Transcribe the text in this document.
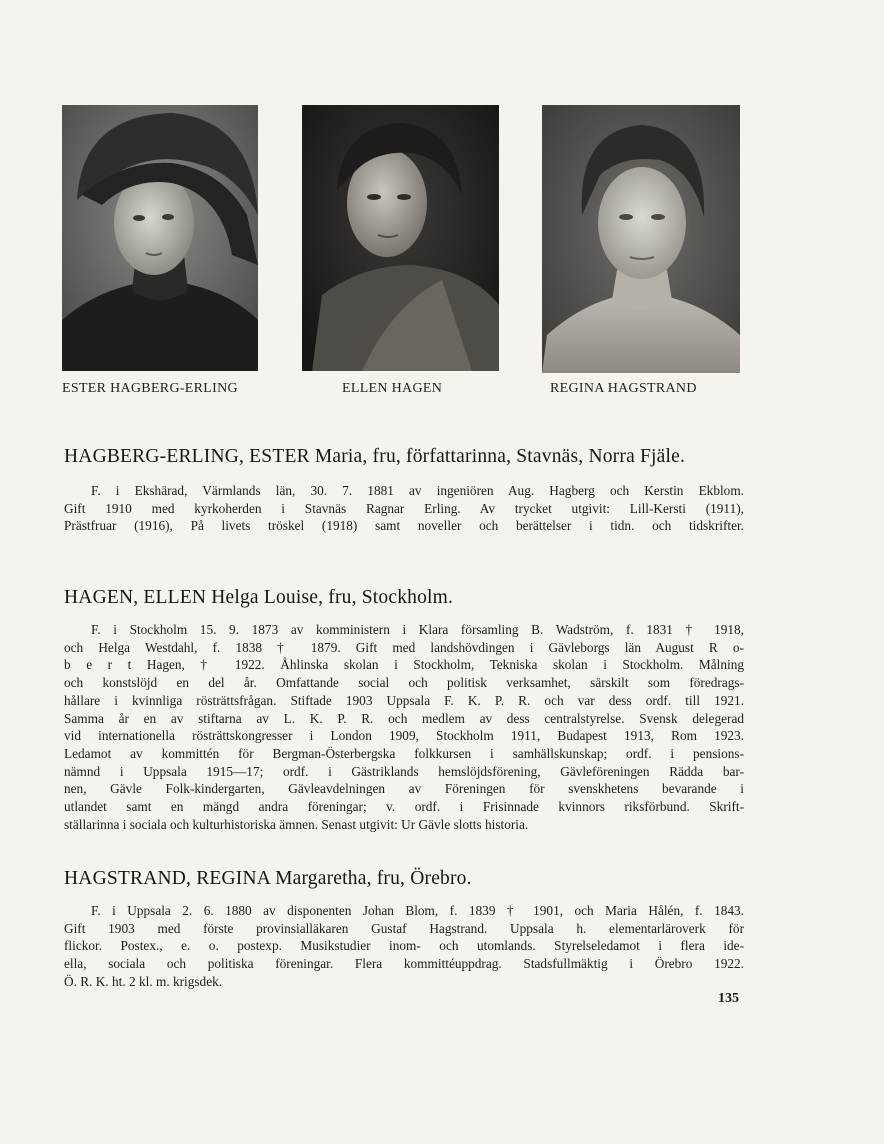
ESTER HAGBERG-ERLING	ELLEN HAGEN	REGINA HAGSTRAND
HAGBERG-ERLING, ESTER Maria, fru, författarinna, Stavnäs, Norra Fjäle.

F. i Ekshärad, Värmlands län, 30. 7. 1881 av ingeniören Aug. Hagberg och Kerstin Ekblom.
Gift 1910 med kyrkoherden i Stavnäs Ragnar Erling. Av trycket utgivit: Lill-Kersti (1911),
Prästfruar (1916), På livets tröskel (1918) samt noveller och berättelser i tidn. och tidskrifter.

HAGEN, ELLEN Helga Louise, fru, Stockholm.

F. i Stockholm 15. 9. 1873 av komministern i Klara församling B. Wadström, f. 1831 † 1918,
och Helga Westdahl, f. 1838 † 1879. Gift med landshövdingen i Gävleborgs län August R o-
b e r t Hagen, † 1922. Åhlinska skolan i Stockholm, Tekniska skolan i Stockholm. Målning
och konstslöjd en del år. Omfattande social och politisk verksamhet, särskilt som föredrags-
hållare i kvinnliga rösträttsfrågan. Stiftade 1903 Uppsala F. K. P. R. och var dess ordf. till 1921.
Samma år en av stiftarna av L. K. P. R. och medlem av dess centralstyrelse. Svensk delegerad
vid internationella rösträttskongresser i London 1909, Stockholm 1911, Budapest 1913, Rom 1923.
Ledamot av kommittén för Bergman-Österbergska folkkursen i samhällskunskap; ordf. i pensions-
nämnd i Uppsala 1915—17; ordf. i Gästriklands hemslöjdsförening, Gävleföreningen Rädda bar-
nen, Gävle Folk-kindergarten, Gävleavdelningen av Föreningen för svenskhetens bevarande i
utlandet samt en mängd andra föreningar; v. ordf. i Frisinnade kvinnors riksförbund. Skrift-
ställarinna i sociala och kulturhistoriska ämnen. Senast utgivit: Ur Gävle slotts historia.

HAGSTRAND, REGINA Margaretha, fru, Örebro.

F. i Uppsala 2. 6. 1880 av disponenten Johan Blom, f. 1839 † 1901, och Maria Hålén, f. 1843.
Gift 1903 med förste provinsialläkaren Gustaf Hagstrand. Uppsala h. elementarläroverk för
flickor. Postex., e. o. postexp. Musikstudier inom- och utomlands. Styrelseledamot i flera ide-
ella, sociala och politiska föreningar. Flera kommittéuppdrag. Stadsfullmäktig i Örebro 1922.
Ö. R. K. ht. 2 kl. m. krigsdek.

135
